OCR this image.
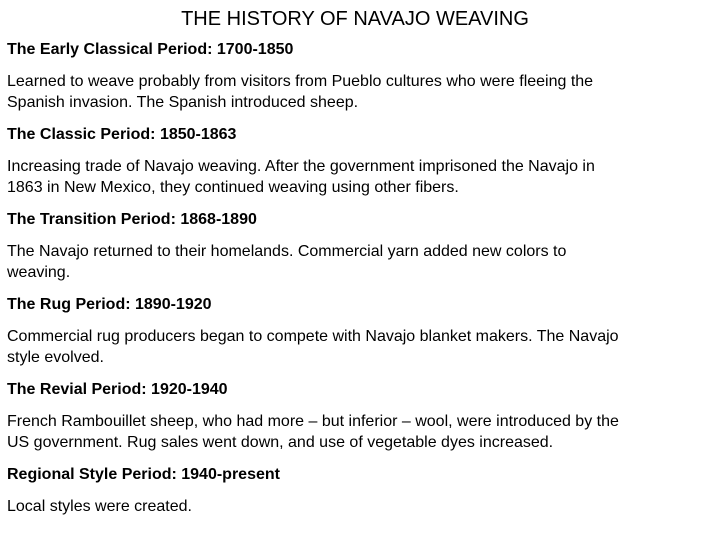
THE HISTORY OF NAVAJO WEAVING
The Early Classical Period: 1700-1850
Learned to weave probably from visitors from Pueblo cultures who were fleeing the
Spanish invasion. The Spanish introduced sheep.
The Classic Period: 1850-1863
Increasing trade of Navajo weaving. After the government imprisoned the Navajo in
1863 in New Mexico, they continued weaving using other fibers.
The Transition Period: 1868-1890
The Navajo returned to their homelands. Commercial yarn added new colors to
weaving.
The Rug Period: 1890-1920
Commercial rug producers began to compete with Navajo blanket makers. The Navajo
style evolved.
The Revial Period: 1920-1940
French Rambouillet sheep, who had more – but inferior – wool, were introduced by the
US government. Rug sales went down, and use of vegetable dyes increased.
Regional Style Period: 1940-present
Local styles were created.
